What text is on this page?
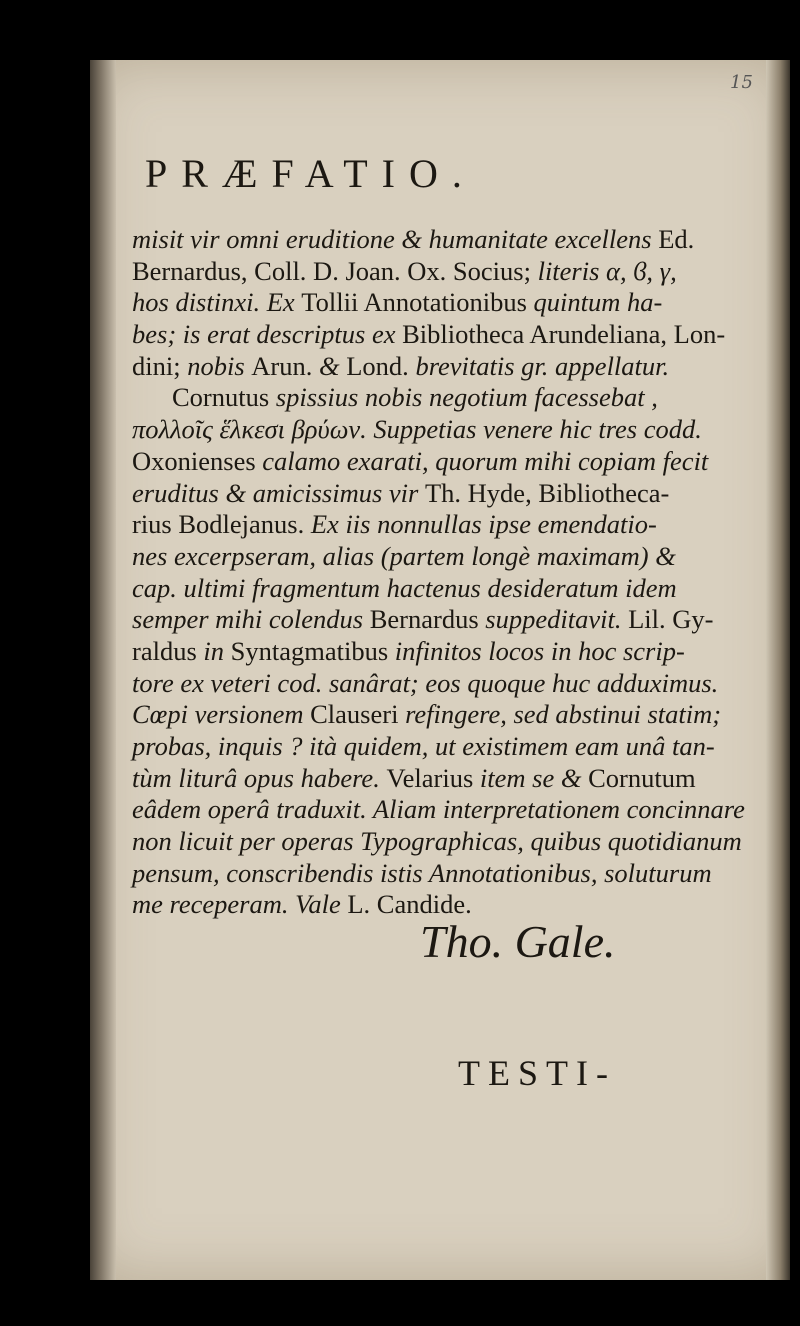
15
PRÆFATIO.
misit vir omni eruditione & humanitate excellens Ed.
Bernardus, Coll. D. Joan. Ox. Socius; literis α, ϐ, γ,
hos distinxi. Ex Tollii Annotationibus quintum ha-
bes; is erat descriptus ex Bibliotheca Arundeliana, Lon-
dini; nobis Arun. & Lond. brevitatis gr. appellatur.
Cornutus spissius nobis negotium facessebat ,
πολλοῖς ἕλκεσι βρύων. Suppetias venere hic tres codd.
Oxonienses calamo exarati, quorum mihi copiam fecit
eruditus & amicissimus vir Th. Hyde, Bibliotheca-
rius Bodlejanus. Ex iis nonnullas ipse emendatio-
nes excerpseram, alias (partem longè maximam) &
cap. ultimi fragmentum hactenus desideratum idem
semper mihi colendus Bernardus suppeditavit. Lil. Gy-
raldus in Syntagmatibus infinitos locos in hoc scrip-
tore ex veteri cod. sanârat; eos quoque huc adduximus.
Cœpi versionem Clauseri refingere, sed abstinui statim;
probas, inquis ? ità quidem, ut existimem eam unâ tan-
tùm liturâ opus habere. Velarius item se & Cornutum
eâdem operâ traduxit. Aliam interpretationem concinnare
non licuit per operas Typographicas, quibus quotidianum
pensum, conscribendis istis Annotationibus, soluturum
me receperam. Vale L. Candide.
Tho. Gale.
TESTI-
